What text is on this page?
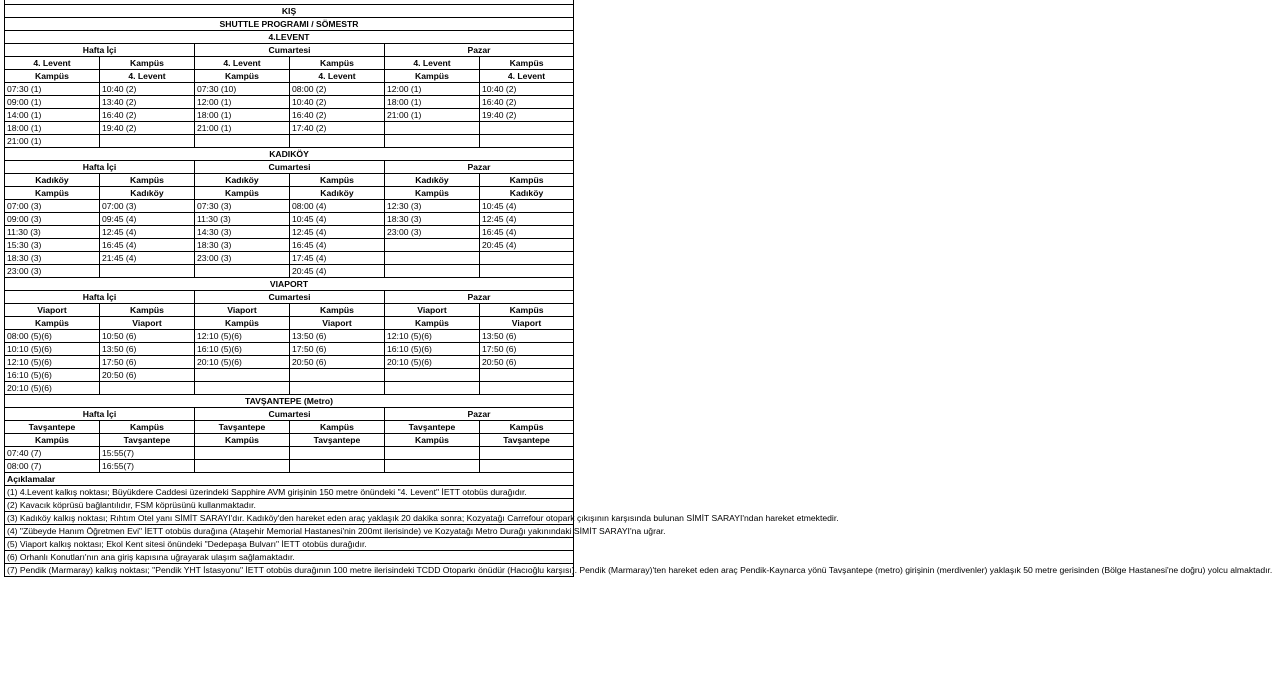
KIŞ					
SHUTTLE PROGRAMI / SÖMESTR					
4.LEVENT					
Hafta İçi		Cumartesi		Pazar	
4. Levent	Kampüs	4. Levent	Kampüs	4. Levent	Kampüs
Kampüs	4. Levent	Kampüs	4. Levent	Kampüs	4. Levent
07:30 (1)	10:40 (2)	07:30 (10)	08:00 (2)	12:00 (1)	10:40 (2)
09:00 (1)	13:40 (2)	12:00 (1)	10:40 (2)	18:00 (1)	16:40 (2)
14:00 (1)	16:40 (2)	18:00 (1)	16:40 (2)	21:00 (1)	19:40 (2)
18:00 (1)	19:40 (2)	21:00 (1)	17:40 (2)		
21:00 (1)					
KADIKÖY					
Hafta İçi		Cumartesi		Pazar	
Kadıköy	Kampüs	Kadıköy	Kampüs	Kadıköy	Kampüs
Kampüs	Kadıköy	Kampüs	Kadıköy	Kampüs	Kadıköy
07:00 (3)	07:00 (3)	07:30 (3)	08:00 (4)	12:30 (3)	10:45 (4)
09:00 (3)	09:45 (4)	11:30 (3)	10:45 (4)	18:30 (3)	12:45 (4)
11:30 (3)	12:45 (4)	14:30 (3)	12:45 (4)	23:00 (3)	16:45 (4)
15:30 (3)	16:45 (4)	18:30 (3)	16:45 (4)		20:45 (4)
18:30 (3)	21:45 (4)	23:00 (3)	17:45 (4)		
23:00 (3)			20:45 (4)		
VIAPORT					
Hafta İçi		Cumartesi		Pazar	
Viaport	Kampüs	Viaport	Kampüs	Viaport	Kampüs
Kampüs	Viaport	Kampüs	Viaport	Kampüs	Viaport
08:00 (5)(6)	10:50 (6)	12:10 (5)(6)	13:50 (6)	12:10 (5)(6)	13:50 (6)
10:10 (5)(6)	13:50 (6)	16:10 (5)(6)	17:50 (6)	16:10 (5)(6)	17:50 (6)
12:10 (5)(6)	17:50 (6)	20:10 (5)(6)	20:50 (6)	20:10 (5)(6)	20:50 (6)
16:10 (5)(6)	20:50 (6)				
20:10 (5)(6)					
TAVŞANTEPE (Metro)					
Hafta İçi		Cumartesi		Pazar	
Tavşantepe	Kampüs	Tavşantepe	Kampüs	Tavşantepe	Kampüs
Kampüs	Tavşantepe	Kampüs	Tavşantepe	Kampüs	Tavşantepe
07:40 (7)	15:55(7)				
08:00 (7)	16:55(7)				
Açıklamalar					
(1) 4.Levent kalkış noktası; Büyükdere Caddesi üzerindeki Sapphire AVM girişinin 150 metre önündeki "4. Levent" İETT otobüs durağıdır.					
(2) Kavacık köprüsü bağlantılıdır, FSM köprüsünü kullanmaktadır.					
(3) Kadıköy kalkış noktası; Rıhtım Otel yanı SİMİT SARAYI'dır. Kadıköy'den hareket eden araç yaklaşık 20 dakika sonra; Kozyatağı Carrefour otopark çıkışının karşısında bulunan SİMİT SARAYI'ndan hareket etmektedir.					
(4) "Zübeyde Hanım Öğretmen Evi" İETT otobüs durağına (Ataşehir Memorial Hastanesi'nin 200mt ilerisinde) ve Kozyatağı Metro Durağı yakınındaki SİMİT SARAYI'na uğrar.					
(5) Viaport kalkış noktası; Ekol Kent sitesi önündeki "Dedepaşa Bulvarı" İETT otobüs durağıdır.					
(6) Orhanlı Konutları'nın ana giriş kapısına uğrayarak ulaşım sağlamaktadır.					
(7) Pendik (Marmaray) kalkış noktası; "Pendik YHT İstasyonu" İETT otobüs durağının 100 metre ilerisindeki TCDD Otoparkı önüdür (Hacıoğlu karşısı). Pendik (Marmaray)'ten hareket eden araç Pendik-Kaynarca yönü Tavşantepe (metro) girişinin (merdivenler) yaklaşık 50 metre gerisinden (Bölge Hastanesi'ne doğru) yolcu almaktadır.					
